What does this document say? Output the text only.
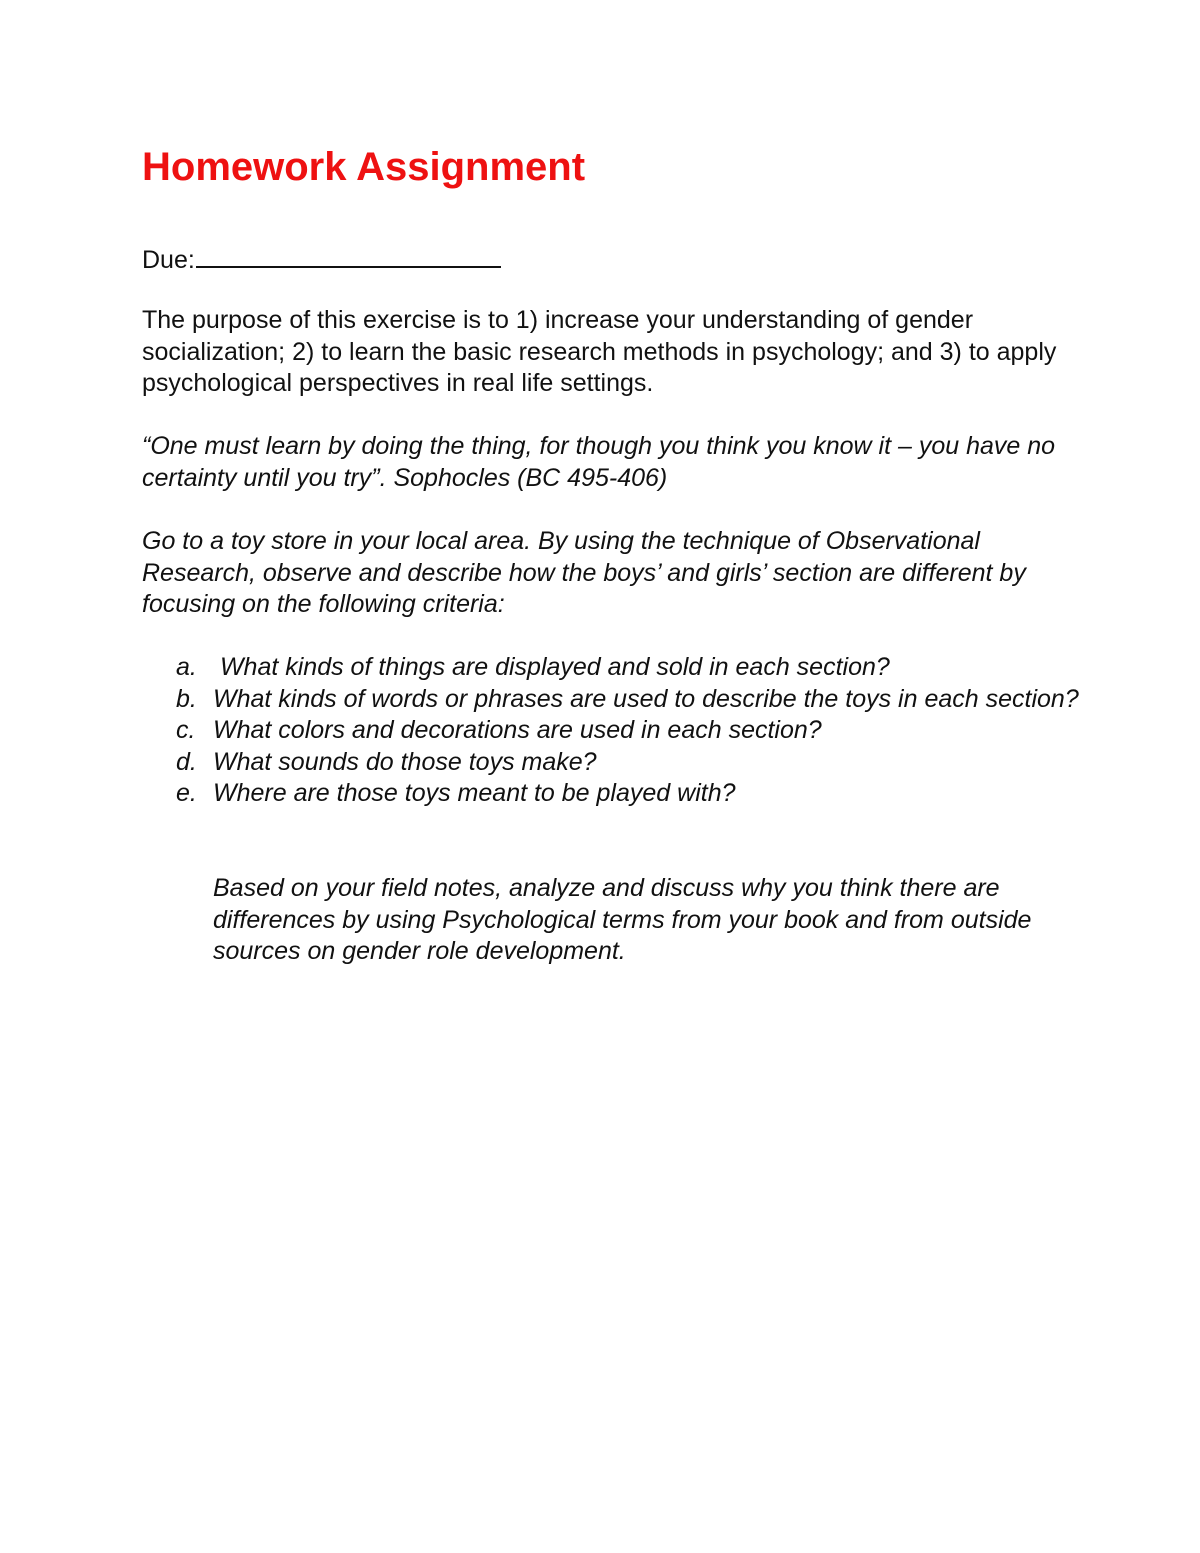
Homework Assignment
Due:

The purpose of this exercise is to 1) increase your understanding of gender socialization; 2) to learn the basic research methods in psychology; and 3) to apply psychological perspectives in real life settings.

“One must learn by doing the thing, for though you think you know it – you have no certainty until you try”. Sophocles (BC 495-406)

Go to a toy store in your local area. By using the technique of Observational Research, observe and describe how the boys’ and girls’ section are different by focusing on the following criteria:

a. What kinds of things are displayed and sold in each section?
b. What kinds of words or phrases are used to describe the toys in each section?
c. What colors and decorations are used in each section?
d. What sounds do those toys make?
e. Where are those toys meant to be played with?

Based on your field notes, analyze and discuss why you think there are differences by using Psychological terms from your book and from outside sources on gender role development.
